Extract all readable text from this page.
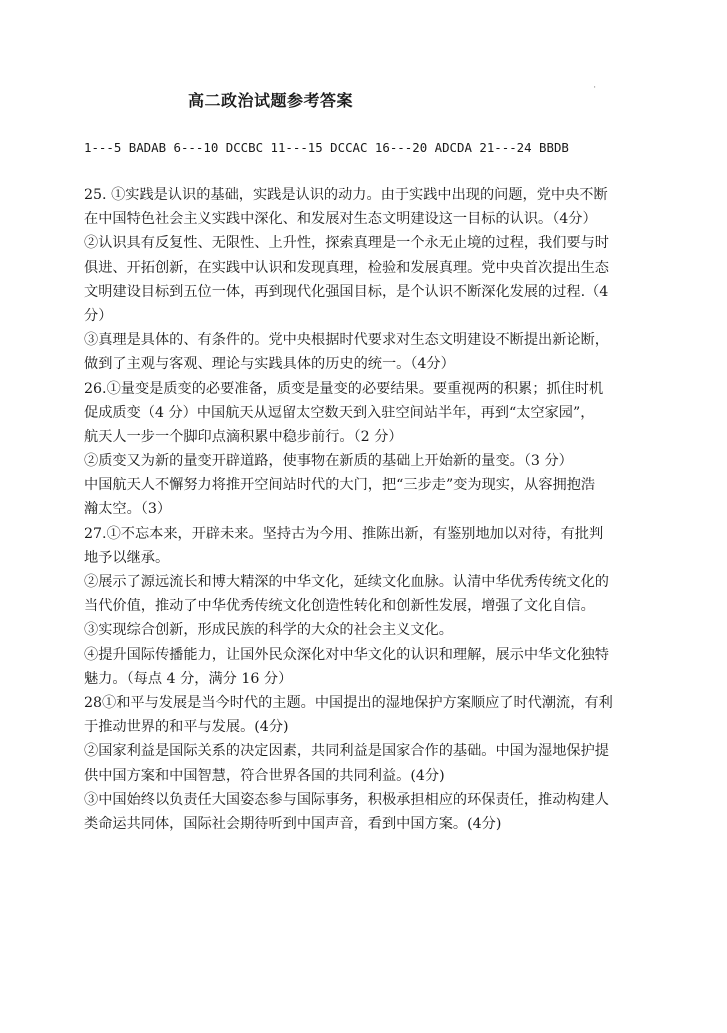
高二政治试题参考答案
'
1---5 BADAB 6---10 DCCBC 11---15 DCCAC 16---20 ADCDA 21---24 BBDB
25. ①实践是认识的基础，实践是认识的动力。由于实践中出现的问题，党中央不断
在中国特色社会主义实践中深化、和发展对生态文明建设这一目标的认识。（4分）
②认识具有反复性、无限性、上升性，探索真理是一个永无止境的过程，我们要与时
俱进、开拓创新，在实践中认识和发现真理，检验和发展真理。党中央首次提出生态
文明建设目标到五位一体，再到现代化强国目标，是个认识不断深化发展的过程.（4
分）
③真理是具体的、有条件的。党中央根据时代要求对生态文明建设不断提出新论断，
做到了主观与客观、理论与实践具体的历史的统一。（4分）
26.①量变是质变的必要准备，质变是量变的必要结果。要重视两的积累；抓住时机
促成质变（4 分）中国航天从逗留太空数天到入驻空间站半年，再到“太空家园”，
航天人一步一个脚印点滴积累中稳步前行。（2 分）
②质变又为新的量变开辟道路，使事物在新质的基础上开始新的量变。（3 分）
中国航天人不懈努力将推开空间站时代的大门，把“三步走”变为现实，从容拥抱浩
瀚太空。（3）
27.①不忘本来，开辟未来。坚持古为今用、推陈出新，有鉴别地加以对待，有批判
地予以继承。
②展示了源远流长和博大精深的中华文化，延续文化血脉。认清中华优秀传统文化的
当代价值，推动了中华优秀传统文化创造性转化和创新性发展，增强了文化自信。
③实现综合创新，形成民族的科学的大众的社会主义文化。
④提升国际传播能力，让国外民众深化对中华文化的认识和理解，展示中华文化独特
魅力。（每点 4 分，满分 16 分）
28①和平与发展是当今时代的主题。中国提出的湿地保护方案顺应了时代潮流，有利
于推动世界的和平与发展。(4分)
②国家利益是国际关系的决定因素，共同利益是国家合作的基础。中国为湿地保护提
供中国方案和中国智慧，符合世界各国的共同利益。(4分)
③中国始终以负责任大国姿态参与国际事务，积极承担相应的环保责任，推动构建人
类命运共同体，国际社会期待听到中国声音，看到中国方案。(4分)
